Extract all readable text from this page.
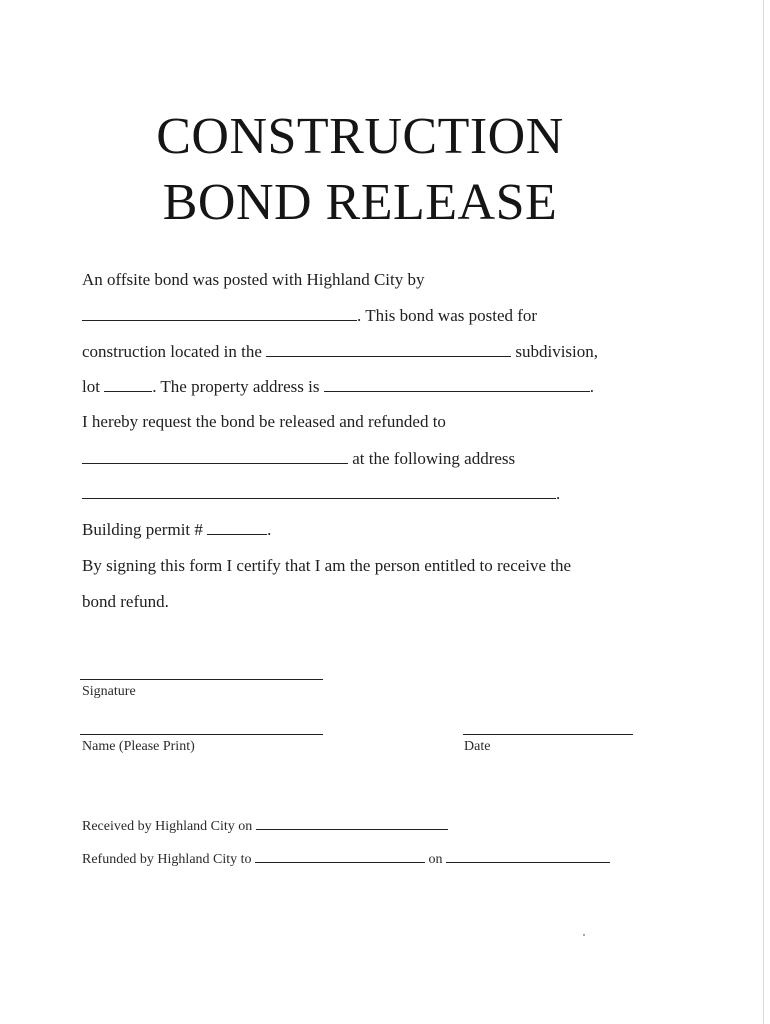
CONSTRUCTION
BOND RELEASE
An offsite bond was posted with Highland City by
. This bond was posted for
construction located in the	subdivision,
lot	. The property address is	.
I hereby request the bond be released and refunded to
at the following address
.
Building permit #	.
By signing this form I certify that I am the person entitled to receive the
bond refund.
Signature
Name (Please Print)	Date
Received by Highland City on
Refunded by Highland City to	on
